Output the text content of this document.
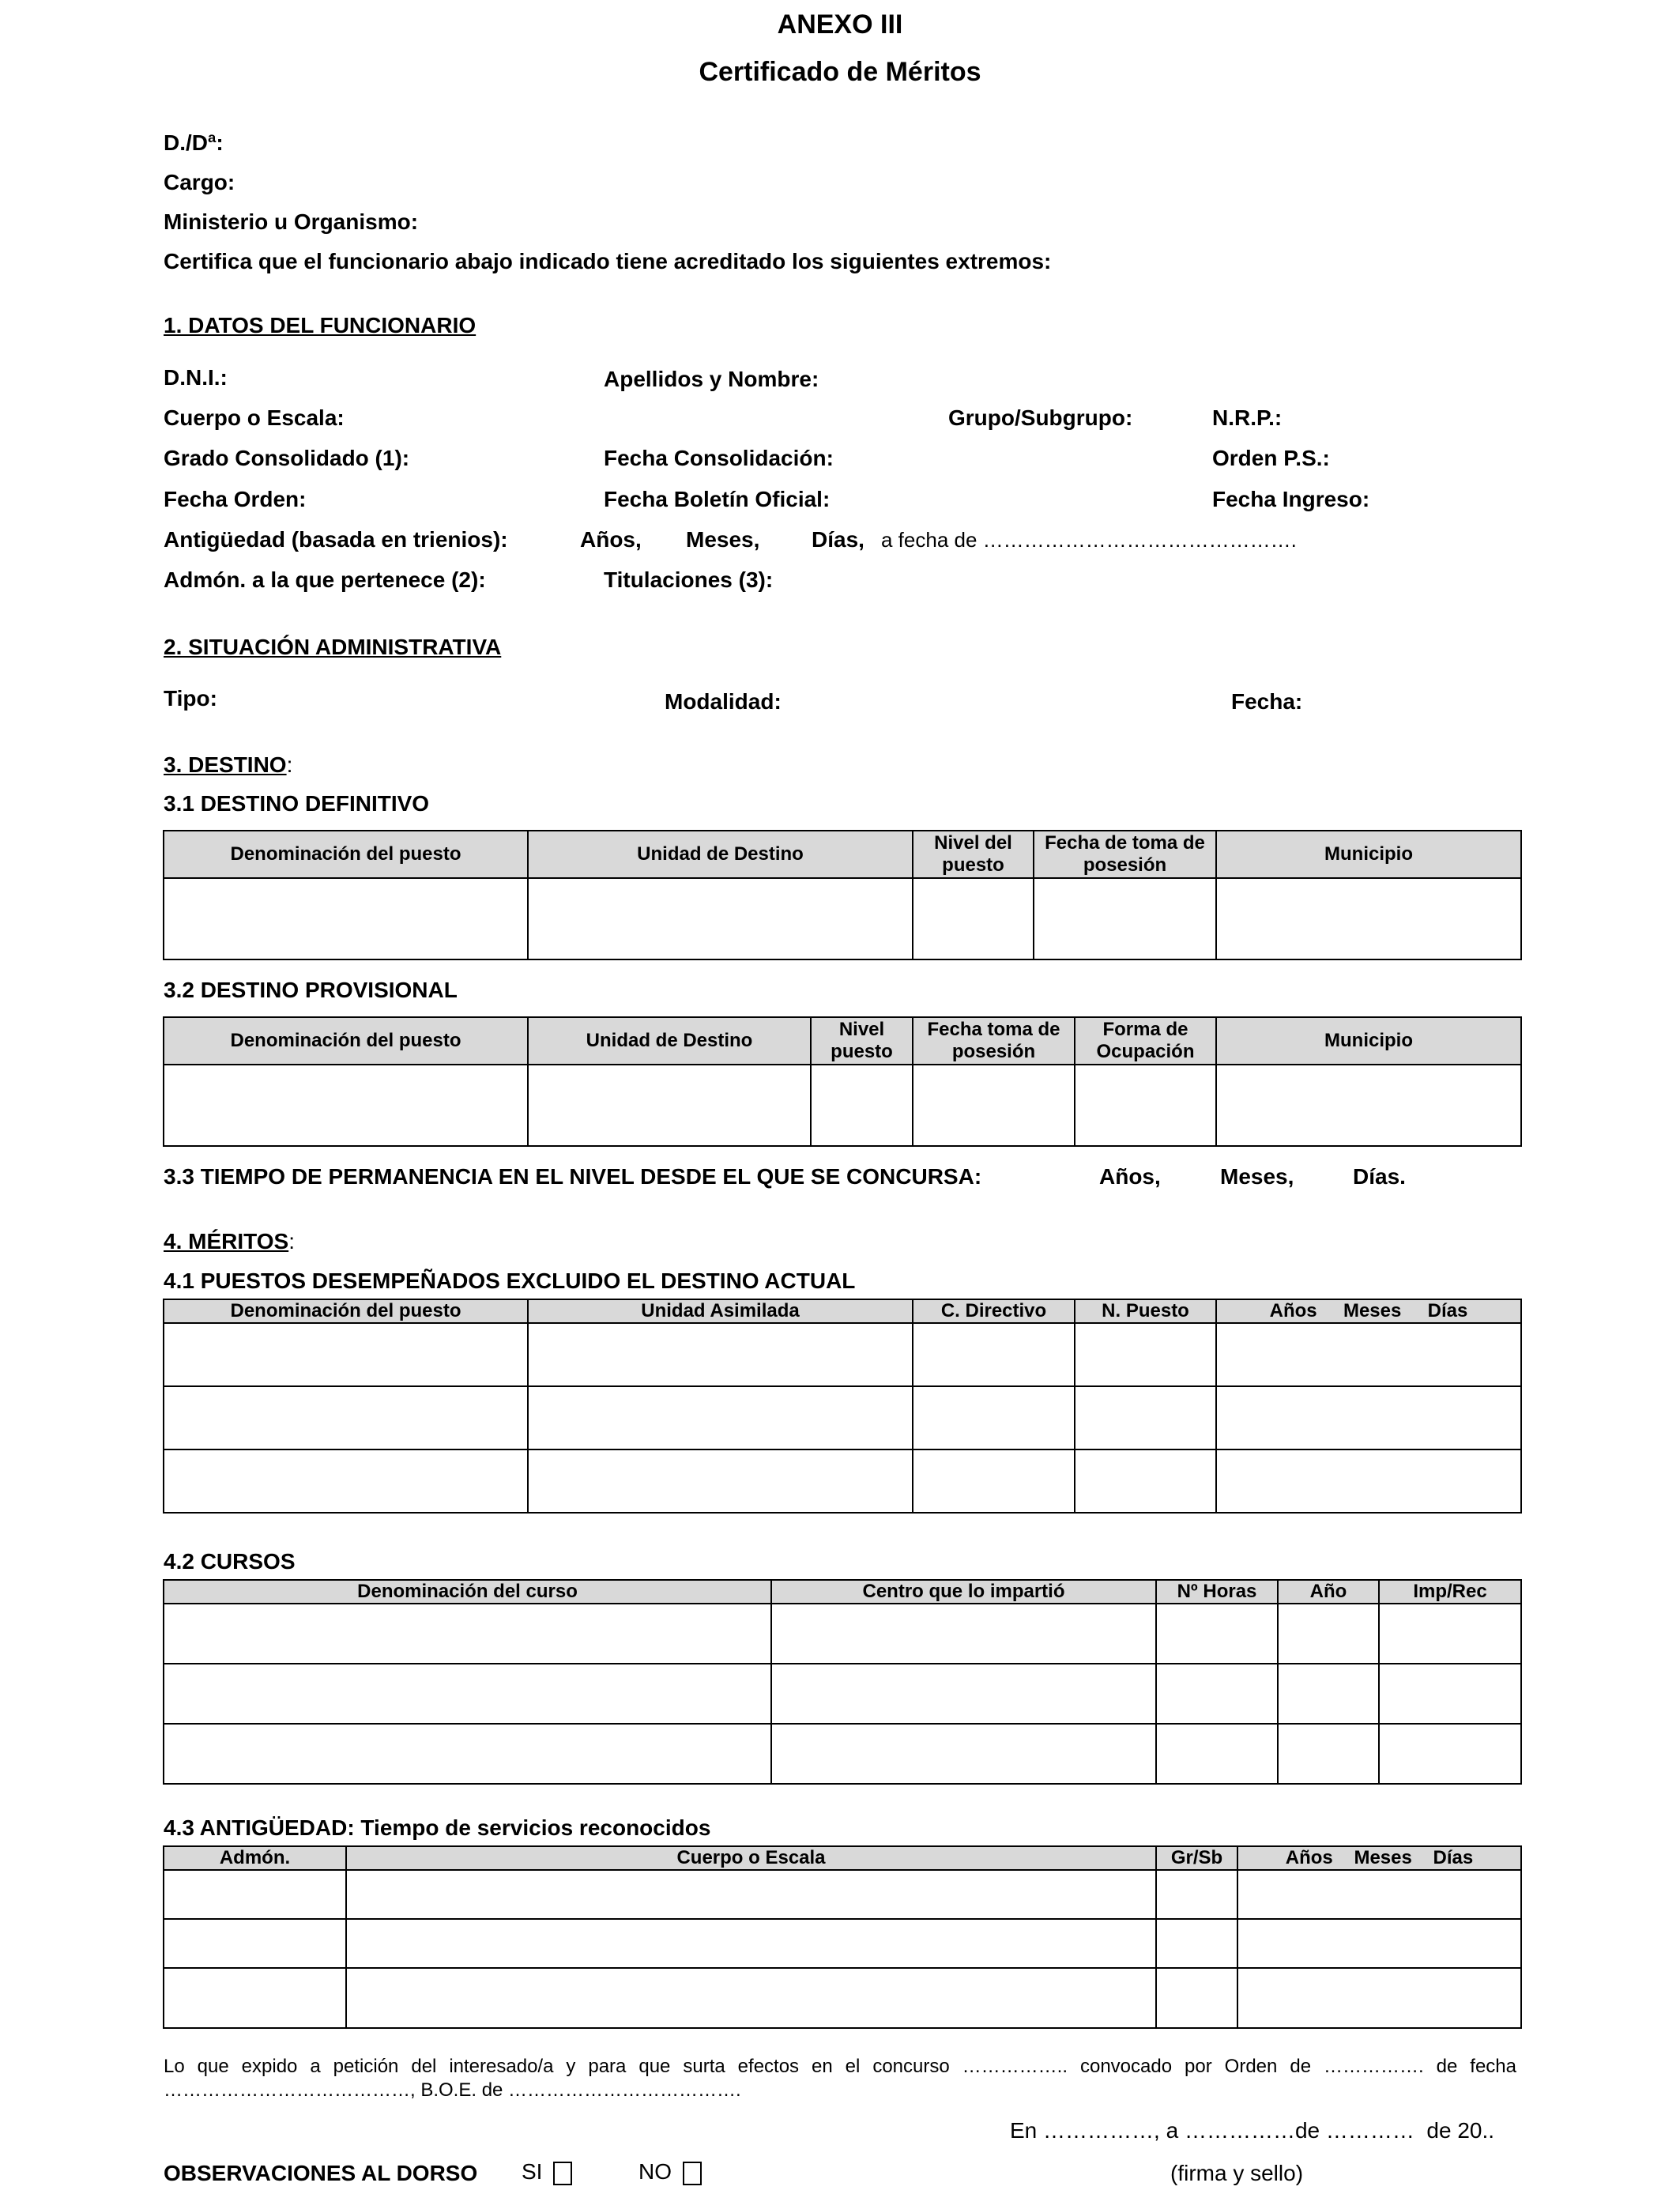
ANEXO III
Certificado de Méritos
D./Dª:
Cargo:
Ministerio u Organismo:
Certifica que el funcionario abajo indicado tiene acreditado los siguientes extremos:
1. DATOS DEL FUNCIONARIO
D.N.I.:	Apellidos y Nombre:
Cuerpo o Escala:	Grupo/Subgrupo:	N.R.P.:
Grado Consolidado (1):	Fecha Consolidación:	Orden P.S.:
Fecha Orden:	Fecha Boletín Oficial:	Fecha Ingreso:
Antigüedad (basada en trienios):	Años, Meses, Días, a fecha de ……………………………………….
Admón. a la que pertenece (2):	Titulaciones (3):
2. SITUACIÓN ADMINISTRATIVA
Tipo:	Modalidad:	Fecha:
3. DESTINO:
3.1 DESTINO DEFINITIVO
Denominación del puesto	Unidad de Destino	Nivel del puesto	Fecha de toma de posesión	Municipio

3.2 DESTINO PROVISIONAL
Denominación del puesto	Unidad de Destino	Nivel puesto	Fecha toma de posesión	Forma de Ocupación	Municipio

3.3 TIEMPO DE PERMANENCIA EN EL NIVEL DESDE EL QUE SE CONCURSA:	Años,	Meses,	Días.
4. MÉRITOS:
4.1 PUESTOS DESEMPEÑADOS EXCLUIDO EL DESTINO ACTUAL
Denominación del puesto	Unidad Asimilada	C. Directivo	N. Puesto	Años     Meses     Días

4.2 CURSOS
Denominación del curso	Centro que lo impartió	Nº Horas	Año	Imp/Rec

4.3 ANTIGÜEDAD: Tiempo de servicios reconocidos
Admón.	Cuerpo o Escala	Gr/Sb	Años    Meses    Días

Lo que expido a petición del interesado/a y para que surta efectos en el concurso …………….. convocado por Orden de ……………. de fecha …………………………………, B.O.E. de ……………………………….
En ……………, a ……………de …………  de 20..
OBSERVACIONES AL DORSO SI	NO	(firma y sello)
